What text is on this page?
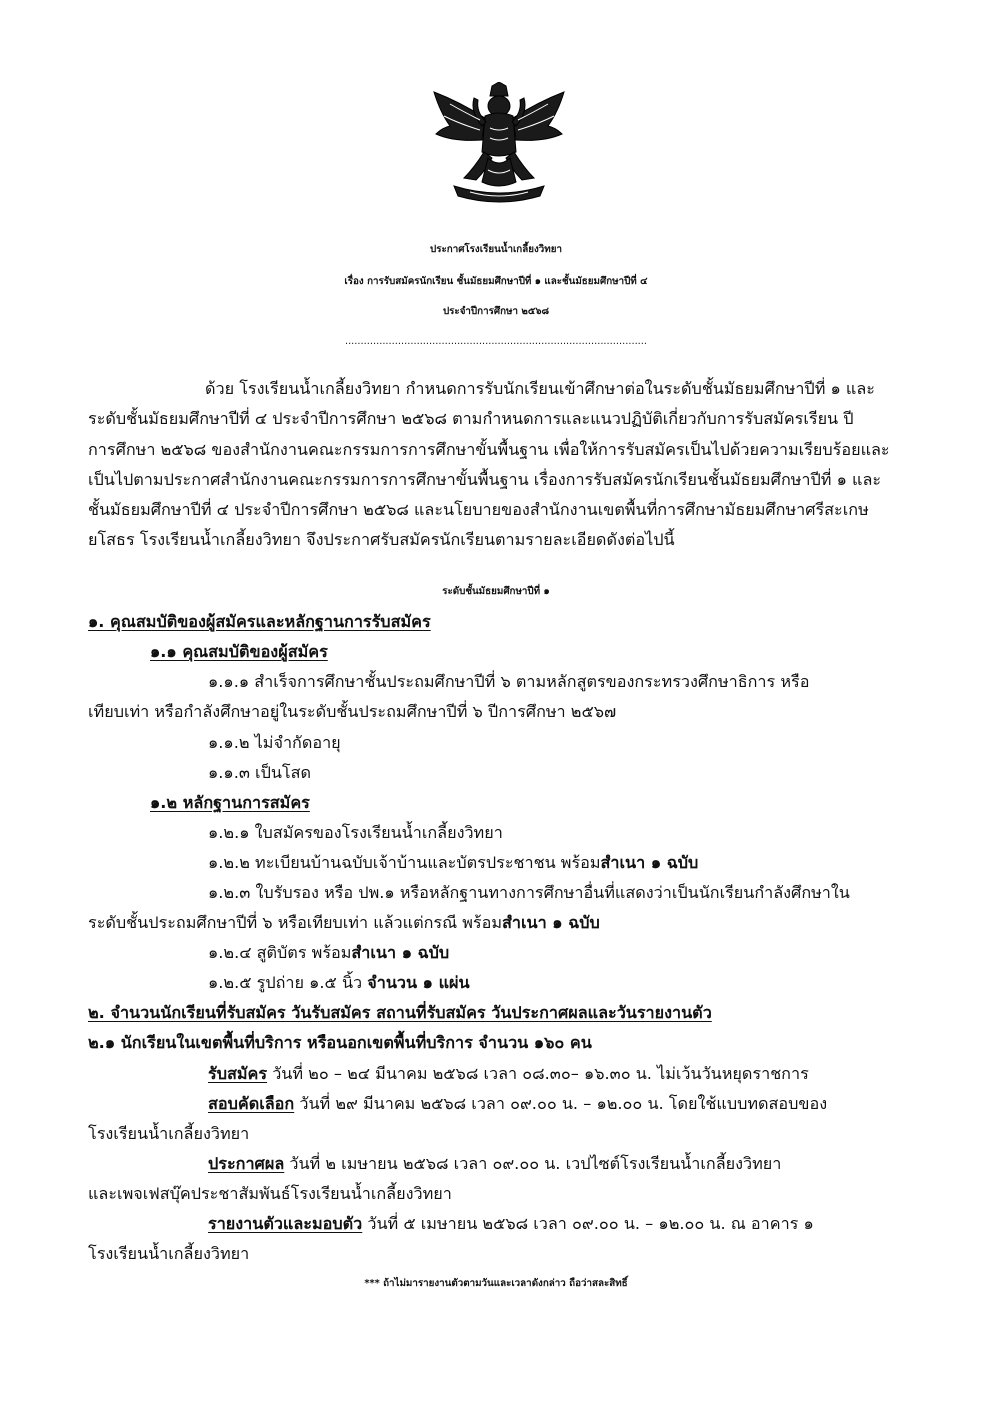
ประกาศโรงเรียนน้ำเกลี้ยงวิทยา
เรื่อง การรับสมัครนักเรียน ชั้นมัธยมศึกษาปีที่ ๑ และชั้นมัธยมศึกษาปีที่ ๔
ประจำปีการศึกษา ๒๕๖๘
.................................................................................................
ด้วย โรงเรียนน้ำเกลี้ยงวิทยา กำหนดการรับนักเรียนเข้าศึกษาต่อในระดับชั้นมัธยมศึกษาปีที่ ๑ และ
ระดับชั้นมัธยมศึกษาปีที่ ๔ ประจำปีการศึกษา ๒๕๖๘ ตามกำหนดการและแนวปฏิบัติเกี่ยวกับการรับสมัครเรียน ปี
การศึกษา ๒๕๖๘ ของสำนักงานคณะกรรมการการศึกษาขั้นพื้นฐาน เพื่อให้การรับสมัครเป็นไปด้วยความเรียบร้อยและ
เป็นไปตามประกาศสำนักงานคณะกรรมการการศึกษาขั้นพื้นฐาน เรื่องการรับสมัครนักเรียนชั้นมัธยมศึกษาปีที่ ๑ และ
ชั้นมัธยมศึกษาปีที่ ๔ ประจำปีการศึกษา ๒๕๖๘ และนโยบายของสำนักงานเขตพื้นที่การศึกษามัธยมศึกษาศรีสะเกษ
ยโสธร โรงเรียนน้ำเกลี้ยงวิทยา จึงประกาศรับสมัครนักเรียนตามรายละเอียดดังต่อไปนี้
ระดับชั้นมัธยมศึกษาปีที่ ๑
๑. คุณสมบัติของผู้สมัครและหลักฐานการรับสมัคร
๑.๑ คุณสมบัติของผู้สมัคร
๑.๑.๑ สำเร็จการศึกษาชั้นประถมศึกษาปีที่ ๖ ตามหลักสูตรของกระทรวงศึกษาธิการ หรือ
เทียบเท่า หรือกำลังศึกษาอยู่ในระดับชั้นประถมศึกษาปีที่ ๖ ปีการศึกษา ๒๕๖๗
๑.๑.๒ ไม่จำกัดอายุ
๑.๑.๓ เป็นโสด
๑.๒ หลักฐานการสมัคร
๑.๒.๑ ใบสมัครของโรงเรียนน้ำเกลี้ยงวิทยา
๑.๒.๒ ทะเบียนบ้านฉบับเจ้าบ้านและบัตรประชาชน พร้อมสำเนา ๑ ฉบับ
๑.๒.๓ ใบรับรอง หรือ ปพ.๑ หรือหลักฐานทางการศึกษาอื่นที่แสดงว่าเป็นนักเรียนกำลังศึกษาใน
ระดับชั้นประถมศึกษาปีที่ ๖ หรือเทียบเท่า แล้วแต่กรณี พร้อมสำเนา ๑ ฉบับ
๑.๒.๔ สูติบัตร พร้อมสำเนา ๑ ฉบับ
๑.๒.๕ รูปถ่าย ๑.๕ นิ้ว จำนวน ๑ แผ่น
๒. จำนวนนักเรียนที่รับสมัคร วันรับสมัคร สถานที่รับสมัคร วันประกาศผลและวันรายงานตัว
๒.๑ นักเรียนในเขตพื้นที่บริการ หรือนอกเขตพื้นที่บริการ จำนวน ๑๖๐ คน
รับสมัคร วันที่ ๒๐ – ๒๔ มีนาคม ๒๕๖๘ เวลา ๐๘.๓๐– ๑๖.๓๐ น. ไม่เว้นวันหยุดราชการ
สอบคัดเลือก วันที่ ๒๙ มีนาคม ๒๕๖๘ เวลา ๐๙.๐๐ น. – ๑๒.๐๐ น. โดยใช้แบบทดสอบของ
โรงเรียนน้ำเกลี้ยงวิทยา
ประกาศผล วันที่ ๒ เมษายน ๒๕๖๘ เวลา ๐๙.๐๐ น. เวปไซต์โรงเรียนน้ำเกลี้ยงวิทยา
และเพจเฟสบุ๊คประชาสัมพันธ์โรงเรียนน้ำเกลี้ยงวิทยา
รายงานตัวและมอบตัว วันที่ ๕ เมษายน ๒๕๖๘ เวลา ๐๙.๐๐ น. – ๑๒.๐๐ น. ณ อาคาร ๑
โรงเรียนน้ำเกลี้ยงวิทยา
*** ถ้าไม่มารายงานตัวตามวันและเวลาดังกล่าว ถือว่าสละสิทธิ์
